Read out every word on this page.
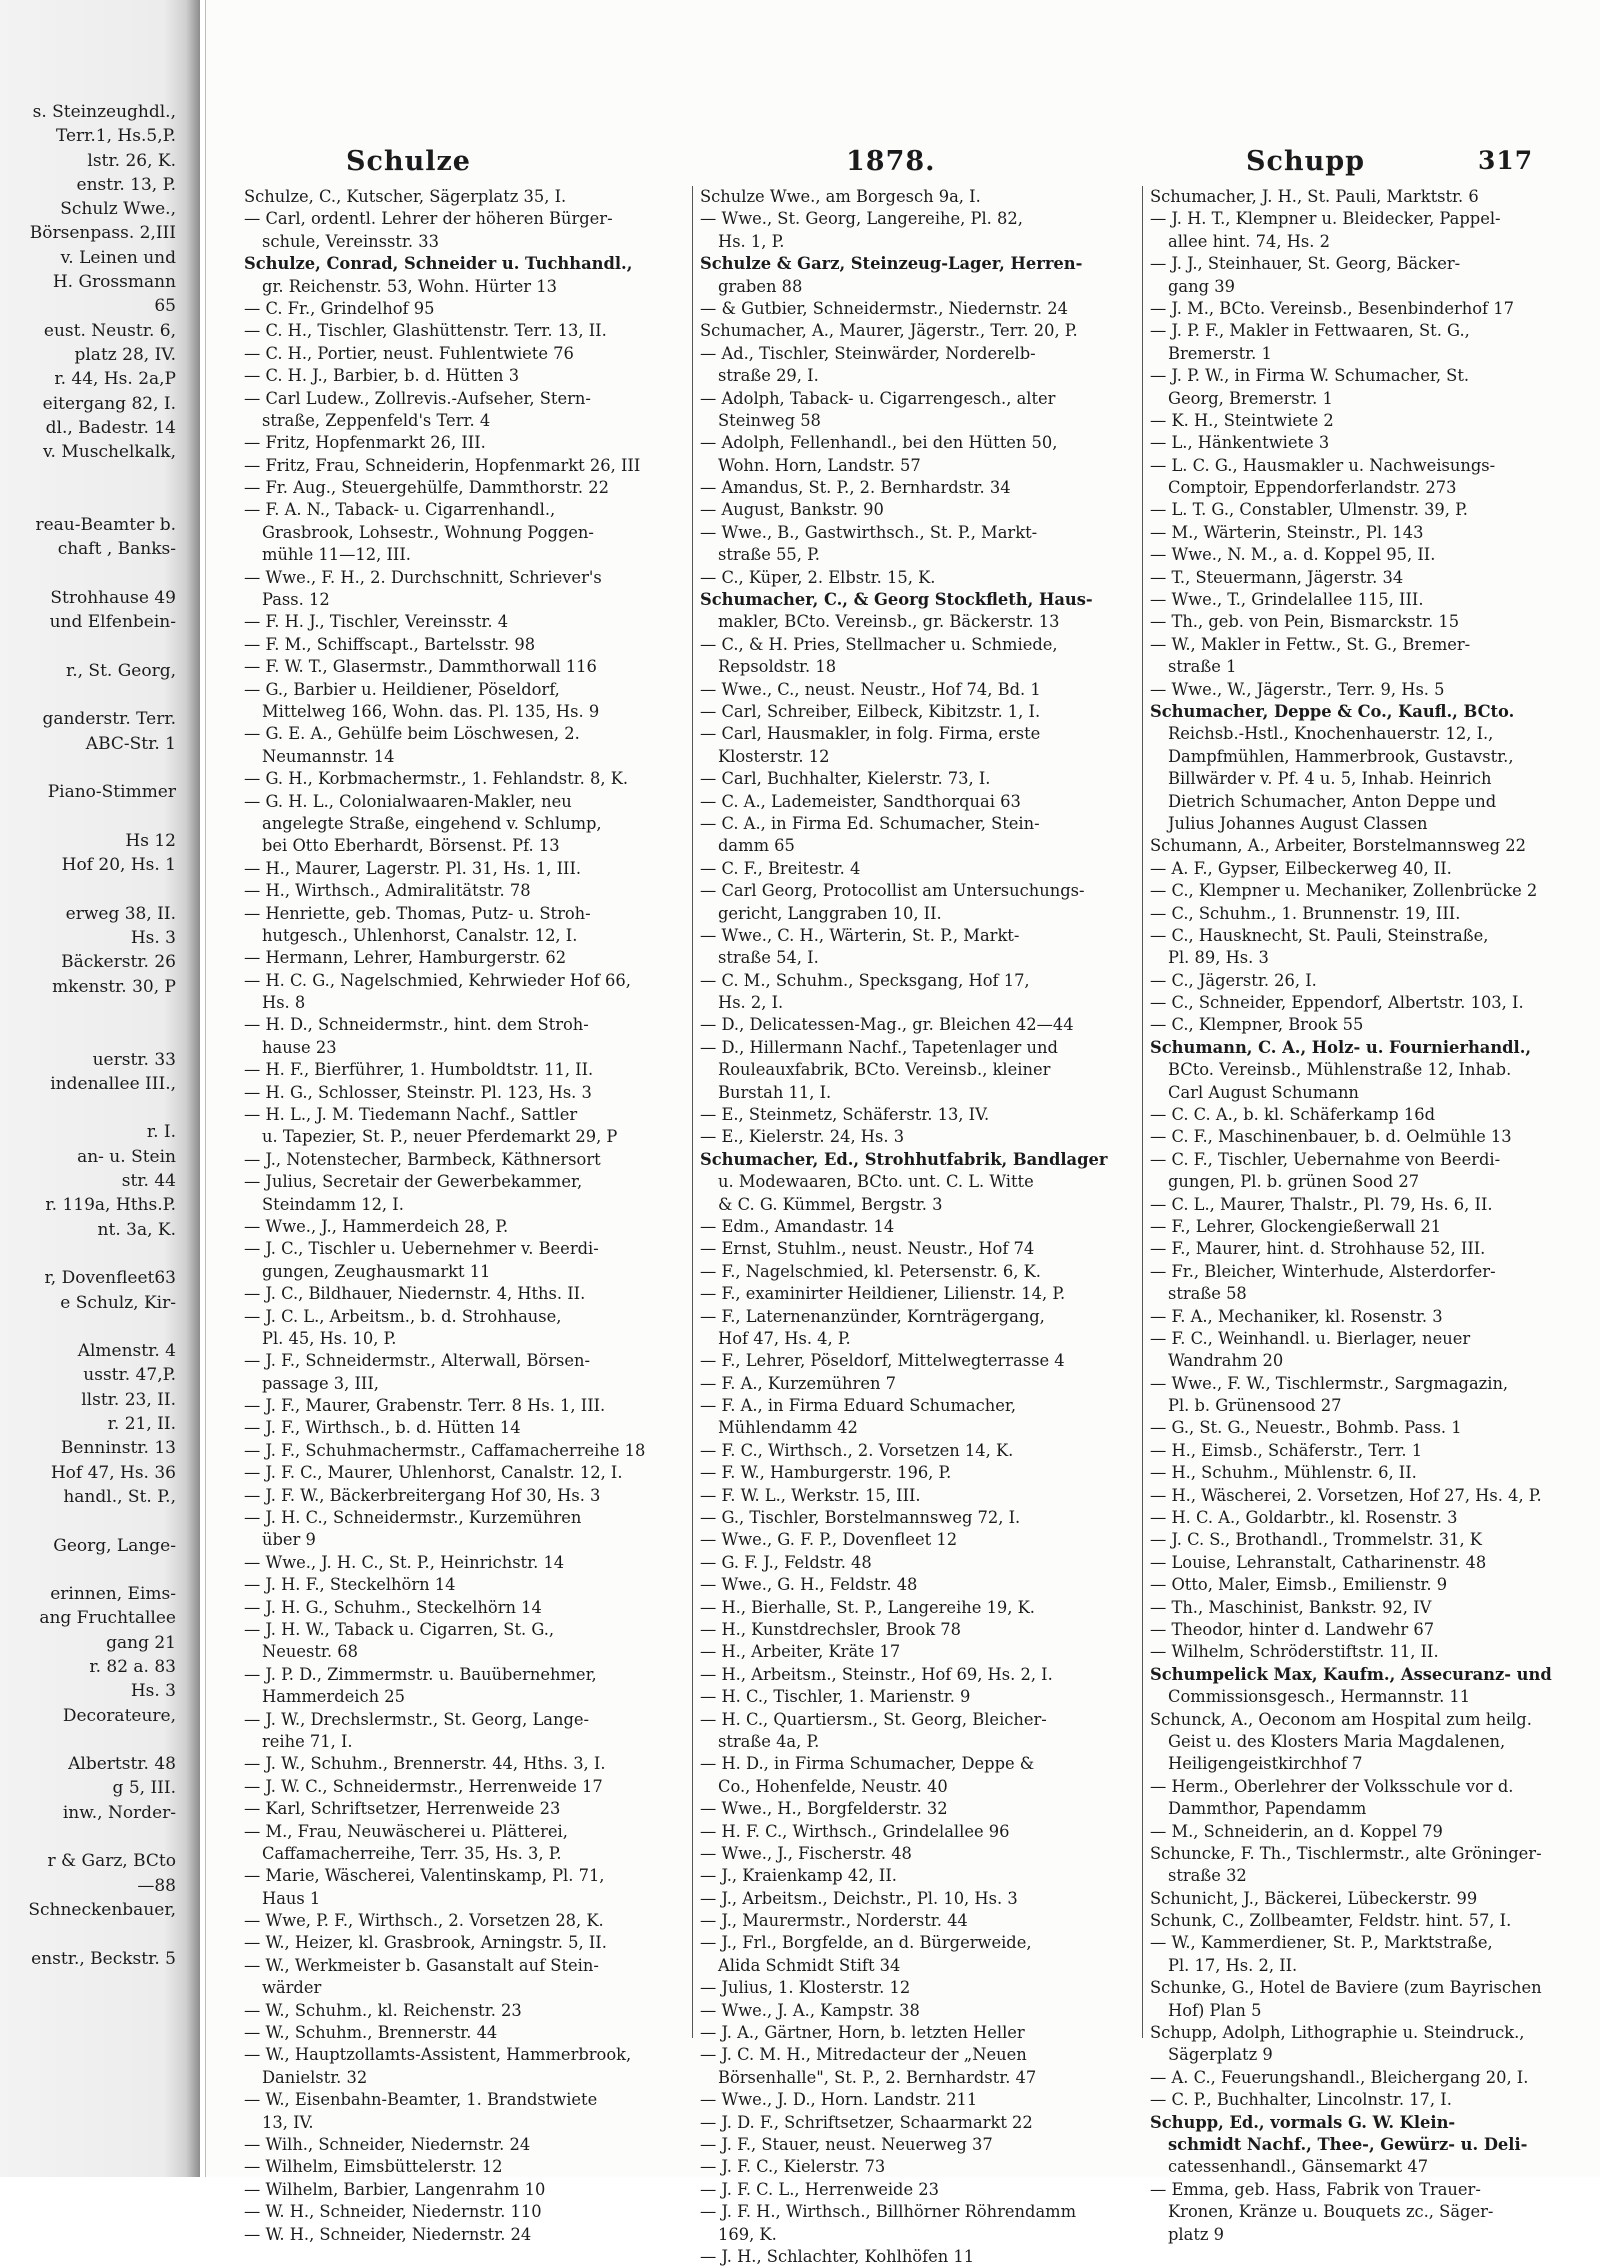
s. Steinzeughdl.,
Terr.1, Hs.5,P.
lstr. 26, K.
enstr. 13, P.
Schulz Wwe.,
Börsenpass. 2,III
v. Leinen und
H. Grossmann
65
eust. Neustr. 6,
platz 28, IV.
r. 44, Hs. 2a,P
eitergang 82, I.
dl., Badestr. 14
v. Muschelkalk,
reau-Beamter b.
chaft , Banks-
Strohhause 49
und Elfenbein-
r., St. Georg,
ganderstr. Terr.
ABC-Str. 1
Piano-Stimmer
Hs 12
Hof 20, Hs. 1
erweg 38, II.
Hs. 3
Bäckerstr. 26
mkenstr. 30, P
uerstr. 33
indenallee III.,
r. I.
an- u. Stein
str. 44
r. 119a, Hths.P.
nt. 3a, K.
r, Dovenfleet63
e Schulz, Kir-
Almenstr. 4
usstr. 47,P.
llstr. 23, II.
r. 21, II.
Benninstr. 13
Hof 47, Hs. 36
handl., St. P.,
Georg, Lange-
erinnen, Eims-
ang Fruchtallee
gang 21
r. 82 a. 83
Hs. 3
Decorateure,
Albertstr. 48
g 5, III.
inw., Norder-
r & Garz, BCto
—88
Schneckenbauer,
enstr., Beckstr. 5
Schulze	1878.	Schupp	317
Schulze, C., Kutscher, Sägerplatz 35, I.
— Carl, ordentl. Lehrer der höheren Bürger-
schule, Vereinsstr. 33
Schulze, Conrad, Schneider u. Tuchhandl.,
gr. Reichenstr. 53, Wohn. Hürter 13
— C. Fr., Grindelhof 95
— C. H., Tischler, Glashüttenstr. Terr. 13, II.
— C. H., Portier, neust. Fuhlentwiete 76
— C. H. J., Barbier, b. d. Hütten 3
— Carl Ludew., Zollrevis.-Aufseher, Stern-
straße, Zeppenfeld's Terr. 4
— Fritz, Hopfenmarkt 26, III.
— Fritz, Frau, Schneiderin, Hopfenmarkt 26, III
— Fr. Aug., Steuergehülfe, Dammthorstr. 22
— F. A. N., Taback- u. Cigarrenhandl.,
Grasbrook, Lohsestr., Wohnung Poggen-
mühle 11—12, III.
— Wwe., F. H., 2. Durchschnitt, Schriever's
Pass. 12
— F. H. J., Tischler, Vereinsstr. 4
— F. M., Schiffscapt., Bartelsstr. 98
— F. W. T., Glasermstr., Dammthorwall 116
— G., Barbier u. Heildiener, Pöseldorf,
Mittelweg 166, Wohn. das. Pl. 135, Hs. 9
— G. E. A., Gehülfe beim Löschwesen, 2.
Neumannstr. 14
— G. H., Korbmachermstr., 1. Fehlandstr. 8, K.
— G. H. L., Colonialwaaren-Makler, neu
angelegte Straße, eingehend v. Schlump,
bei Otto Eberhardt, Börsenst. Pf. 13
— H., Maurer, Lagerstr. Pl. 31, Hs. 1, III.
— H., Wirthsch., Admiralitätstr. 78
— Henriette, geb. Thomas, Putz- u. Stroh-
hutgesch., Uhlenhorst, Canalstr. 12, I.
— Hermann, Lehrer, Hamburgerstr. 62
— H. C. G., Nagelschmied, Kehrwieder Hof 66,
Hs. 8
— H. D., Schneidermstr., hint. dem Stroh-
hause 23
— H. F., Bierführer, 1. Humboldtstr. 11, II.
— H. G., Schlosser, Steinstr. Pl. 123, Hs. 3
— H. L., J. M. Tiedemann Nachf., Sattler
u. Tapezier, St. P., neuer Pferdemarkt 29, P
— J., Notenstecher, Barmbeck, Käthnersort
— Julius, Secretair der Gewerbekammer,
Steindamm 12, I.
— Wwe., J., Hammerdeich 28, P.
— J. C., Tischler u. Uebernehmer v. Beerdi-
gungen, Zeughausmarkt 11
— J. C., Bildhauer, Niedernstr. 4, Hths. II.
— J. C. L., Arbeitsm., b. d. Strohhause,
Pl. 45, Hs. 10, P.
— J. F., Schneidermstr., Alterwall, Börsen-
passage 3, III,
— J. F., Maurer, Grabenstr. Terr. 8 Hs. 1, III.
— J. F., Wirthsch., b. d. Hütten 14
— J. F., Schuhmachermstr., Caffamacherreihe 18
— J. F. C., Maurer, Uhlenhorst, Canalstr. 12, I.
— J. F. W., Bäckerbreitergang Hof 30, Hs. 3
— J. H. C., Schneidermstr., Kurzemühren
über 9
— Wwe., J. H. C., St. P., Heinrichstr. 14
— J. H. F., Steckelhörn 14
— J. H. G., Schuhm., Steckelhörn 14
— J. H. W., Taback u. Cigarren, St. G.,
Neuestr. 68
— J. P. D., Zimmermstr. u. Bauübernehmer,
Hammerdeich 25
— J. W., Drechslermstr., St. Georg, Lange-
reihe 71, I.
— J. W., Schuhm., Brennerstr. 44, Hths. 3, I.
— J. W. C., Schneidermstr., Herrenweide 17
— Karl, Schriftsetzer, Herrenweide 23
— M., Frau, Neuwäscherei u. Plätterei,
Caffamacherreihe, Terr. 35, Hs. 3, P.
— Marie, Wäscherei, Valentinskamp, Pl. 71,
Haus 1
— Wwe, P. F., Wirthsch., 2. Vorsetzen 28, K.
— W., Heizer, kl. Grasbrook, Arningstr. 5, II.
— W., Werkmeister b. Gasanstalt auf Stein-
wärder
— W., Schuhm., kl. Reichenstr. 23
— W., Schuhm., Brennerstr. 44
— W., Hauptzollamts-Assistent, Hammerbrook,
Danielstr. 32
— W., Eisenbahn-Beamter, 1. Brandstwiete
13, IV.
— Wilh., Schneider, Niedernstr. 24
— Wilhelm, Eimsbüttelerstr. 12
— Wilhelm, Barbier, Langenrahm 10
— W. H., Schneider, Niedernstr. 110
— W. H., Schneider, Niedernstr. 24
Schulze Wwe., am Borgesch 9a, I.
— Wwe., St. Georg, Langereihe, Pl. 82,
Hs. 1, P.
Schulze & Garz, Steinzeug-Lager, Herren-
graben 88
— & Gutbier, Schneidermstr., Niedernstr. 24
Schumacher, A., Maurer, Jägerstr., Terr. 20, P.
— Ad., Tischler, Steinwärder, Norderelb-
straße 29, I.
— Adolph, Taback- u. Cigarrengesch., alter
Steinweg 58
— Adolph, Fellenhandl., bei den Hütten 50,
Wohn. Horn, Landstr. 57
— Amandus, St. P., 2. Bernhardstr. 34
— August, Bankstr. 90
— Wwe., B., Gastwirthsch., St. P., Markt-
straße 55, P.
— C., Küper, 2. Elbstr. 15, K.
Schumacher, C., & Georg Stockfleth, Haus-
makler, BCto. Vereinsb., gr. Bäckerstr. 13
— C., & H. Pries, Stellmacher u. Schmiede,
Repsoldstr. 18
— Wwe., C., neust. Neustr., Hof 74, Bd. 1
— Carl, Schreiber, Eilbeck, Kibitzstr. 1, I.
— Carl, Hausmakler, in folg. Firma, erste
Klosterstr. 12
— Carl, Buchhalter, Kielerstr. 73, I.
— C. A., Lademeister, Sandthorquai 63
— C. A., in Firma Ed. Schumacher, Stein-
damm 65
— C. F., Breitestr. 4
— Carl Georg, Protocollist am Untersuchungs-
gericht, Langgraben 10, II.
— Wwe., C. H., Wärterin, St. P., Markt-
straße 54, I.
— C. M., Schuhm., Specksgang, Hof 17,
Hs. 2, I.
— D., Delicatessen-Mag., gr. Bleichen 42—44
— D., Hillermann Nachf., Tapetenlager und
Rouleauxfabrik, BCto. Vereinsb., kleiner
Burstah 11, I.
— E., Steinmetz, Schäferstr. 13, IV.
— E., Kielerstr. 24, Hs. 3
Schumacher, Ed., Strohhutfabrik, Bandlager
u. Modewaaren, BCto. unt. C. L. Witte
& C. G. Kümmel, Bergstr. 3
— Edm., Amandastr. 14
— Ernst, Stuhlm., neust. Neustr., Hof 74
— F., Nagelschmied, kl. Petersenstr. 6, K.
— F., examinirter Heildiener, Lilienstr. 14, P.
— F., Laternenanzünder, Kornträgergang,
Hof 47, Hs. 4, P.
— F., Lehrer, Pöseldorf, Mittelwegterrasse 4
— F. A., Kurzemühren 7
— F. A., in Firma Eduard Schumacher,
Mühlendamm 42
— F. C., Wirthsch., 2. Vorsetzen 14, K.
— F. W., Hamburgerstr. 196, P.
— F. W. L., Werkstr. 15, III.
— G., Tischler, Borstelmannsweg 72, I.
— Wwe., G. F. P., Dovenfleet 12
— G. F. J., Feldstr. 48
— Wwe., G. H., Feldstr. 48
— H., Bierhalle, St. P., Langereihe 19, K.
— H., Kunstdrechsler, Brook 78
— H., Arbeiter, Kräte 17
— H., Arbeitsm., Steinstr., Hof 69, Hs. 2, I.
— H. C., Tischler, 1. Marienstr. 9
— H. C., Quartiersm., St. Georg, Bleicher-
straße 4a, P.
— H. D., in Firma Schumacher, Deppe &
Co., Hohenfelde, Neustr. 40
— Wwe., H., Borgfelderstr. 32
— H. F. C., Wirthsch., Grindelallee 96
— Wwe., J., Fischerstr. 48
— J., Kraienkamp 42, II.
— J., Arbeitsm., Deichstr., Pl. 10, Hs. 3
— J., Maurermstr., Norderstr. 44
— J., Frl., Borgfelde, an d. Bürgerweide,
Alida Schmidt Stift 34
— Julius, 1. Klosterstr. 12
— Wwe., J. A., Kampstr. 38
— J. A., Gärtner, Horn, b. letzten Heller
— J. C. M. H., Mitredacteur der „Neuen
Börsenhalle", St. P., 2. Bernhardstr. 47
— Wwe., J. D., Horn. Landstr. 211
— J. D. F., Schriftsetzer, Schaarmarkt 22
— J. F., Stauer, neust. Neuerweg 37
— J. F. C., Kielerstr. 73
— J. F. C. L., Herrenweide 23
— J. F. H., Wirthsch., Billhörner Röhrendamm
169, K.
— J. H., Schlachter, Kohlhöfen 11
Schumacher, J. H., St. Pauli, Marktstr. 6
— J. H. T., Klempner u. Bleidecker, Pappel-
allee hint. 74, Hs. 2
— J. J., Steinhauer, St. Georg, Bäcker-
gang 39
— J. M., BCto. Vereinsb., Besenbinderhof 17
— J. P. F., Makler in Fettwaaren, St. G.,
Bremerstr. 1
— J. P. W., in Firma W. Schumacher, St.
Georg, Bremerstr. 1
— K. H., Steintwiete 2
— L., Hänkentwiete 3
— L. C. G., Hausmakler u. Nachweisungs-
Comptoir, Eppendorferlandstr. 273
— L. T. G., Constabler, Ulmenstr. 39, P.
— M., Wärterin, Steinstr., Pl. 143
— Wwe., N. M., a. d. Koppel 95, II.
— T., Steuermann, Jägerstr. 34
— Wwe., T., Grindelallee 115, III.
— Th., geb. von Pein, Bismarckstr. 15
— W., Makler in Fettw., St. G., Bremer-
straße 1
— Wwe., W., Jägerstr., Terr. 9, Hs. 5
Schumacher, Deppe & Co., Kaufl., BCto.
Reichsb.-Hstl., Knochenhauerstr. 12, I.,
Dampfmühlen, Hammerbrook, Gustavstr.,
Billwärder v. Pf. 4 u. 5, Inhab. Heinrich
Dietrich Schumacher, Anton Deppe und
Julius Johannes August Classen
Schumann, A., Arbeiter, Borstelmannsweg 22
— A. F., Gypser, Eilbeckerweg 40, II.
— C., Klempner u. Mechaniker, Zollenbrücke 2
— C., Schuhm., 1. Brunnenstr. 19, III.
— C., Hausknecht, St. Pauli, Steinstraße,
Pl. 89, Hs. 3
— C., Jägerstr. 26, I.
— C., Schneider, Eppendorf, Albertstr. 103, I.
— C., Klempner, Brook 55
Schumann, C. A., Holz- u. Fournierhandl.,
BCto. Vereinsb., Mühlenstraße 12, Inhab.
Carl August Schumann
— C. C. A., b. kl. Schäferkamp 16d
— C. F., Maschinenbauer, b. d. Oelmühle 13
— C. F., Tischler, Uebernahme von Beerdi-
gungen, Pl. b. grünen Sood 27
— C. L., Maurer, Thalstr., Pl. 79, Hs. 6, II.
— F., Lehrer, Glockengießerwall 21
— F., Maurer, hint. d. Strohhause 52, III.
— Fr., Bleicher, Winterhude, Alsterdorfer-
straße 58
— F. A., Mechaniker, kl. Rosenstr. 3
— F. C., Weinhandl. u. Bierlager, neuer
Wandrahm 20
— Wwe., F. W., Tischlermstr., Sargmagazin,
Pl. b. Grünensood 27
— G., St. G., Neuestr., Bohmb. Pass. 1
— H., Eimsb., Schäferstr., Terr. 1
— H., Schuhm., Mühlenstr. 6, II.
— H., Wäscherei, 2. Vorsetzen, Hof 27, Hs. 4, P.
— H. C. A., Goldarbtr., kl. Rosenstr. 3
— J. C. S., Brothandl., Trommelstr. 31, K
— Louise, Lehranstalt, Catharinenstr. 48
— Otto, Maler, Eimsb., Emilienstr. 9
— Th., Maschinist, Bankstr. 92, IV
— Theodor, hinter d. Landwehr 67
— Wilhelm, Schröderstiftstr. 11, II.
Schumpelick Max, Kaufm., Assecuranz- und
Commissionsgesch., Hermannstr. 11
Schunck, A., Oeconom am Hospital zum heilg.
Geist u. des Klosters Maria Magdalenen,
Heiligengeistkirchhof 7
— Herm., Oberlehrer der Volksschule vor d.
Dammthor, Papendamm
— M., Schneiderin, an d. Koppel 79
Schuncke, F. Th., Tischlermstr., alte Gröninger-
straße 32
Schunicht, J., Bäckerei, Lübeckerstr. 99
Schunk, C., Zollbeamter, Feldstr. hint. 57, I.
— W., Kammerdiener, St. P., Marktstraße,
Pl. 17, Hs. 2, II.
Schunke, G., Hotel de Baviere (zum Bayrischen
Hof) Plan 5
Schupp, Adolph, Lithographie u. Steindruck.,
Sägerplatz 9
— A. C., Feuerungshandl., Bleichergang 20, I.
— C. P., Buchhalter, Lincolnstr. 17, I.
Schupp, Ed., vormals G. W. Klein-
schmidt Nachf., Thee-, Gewürz- u. Deli-
catessenhandl., Gänsemarkt 47
— Emma, geb. Hass, Fabrik von Trauer-
Kronen, Kränze u. Bouquets zc., Säger-
platz 9
